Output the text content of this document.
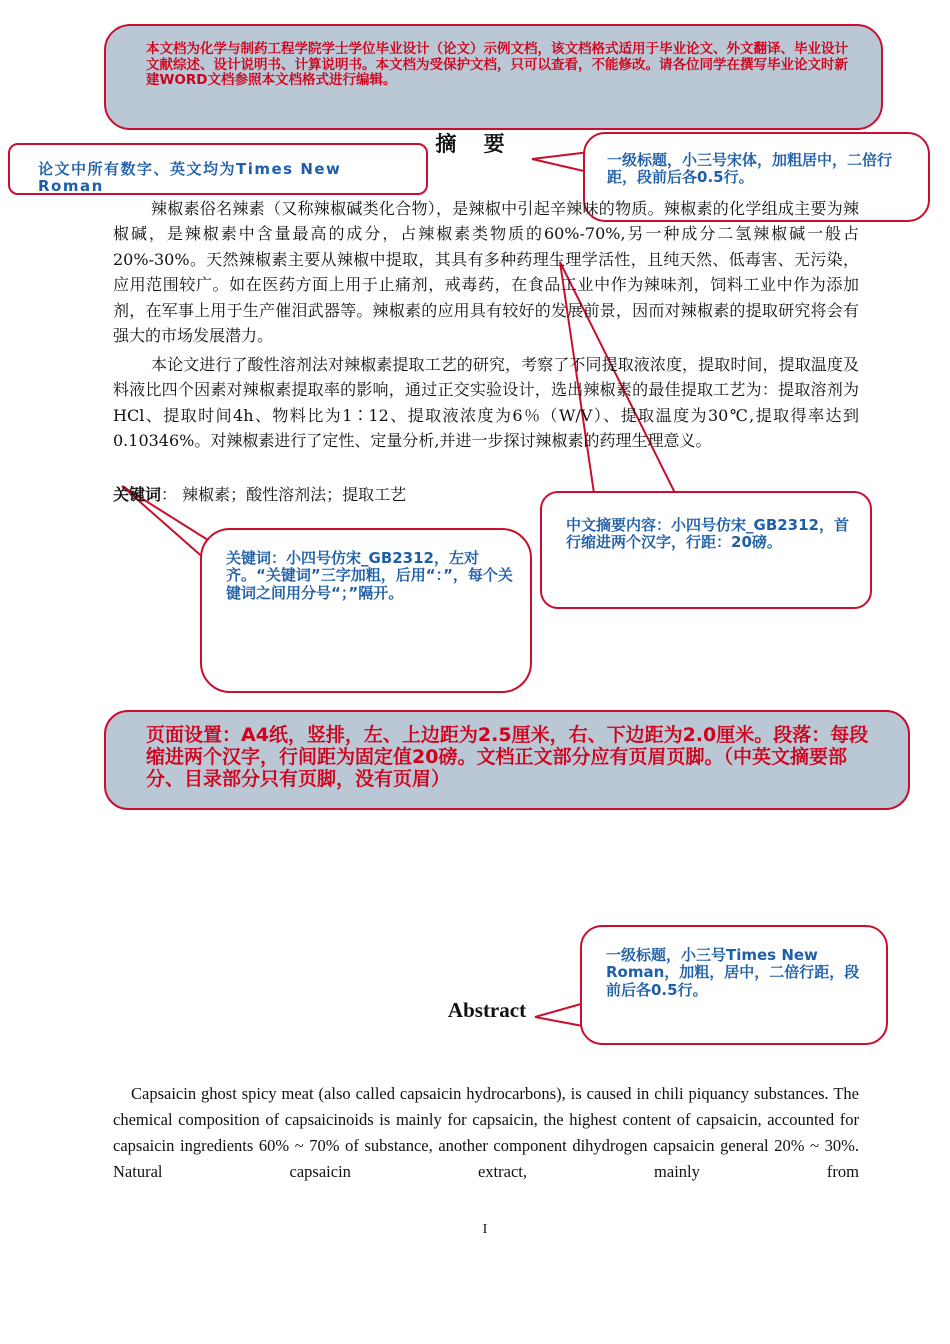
本文档为化学与制药工程学院学士学位毕业设计（论文）示例文档，该文档格式适用于毕业论文、外文翻译、毕业设计文献综述、设计说明书、计算说明书。本文档为受保护文档，只可以查看，不能修改。请各位同学在撰写毕业论文时新建WORD文档参照本文档格式进行编辑。
摘 要
论文中所有数字、英文均为Times New Roman
一级标题，小三号宋体，加粗居中，二倍行距，段前后各0.5行。
辣椒素俗名辣素（又称辣椒碱类化合物），是辣椒中引起辛辣味的物质。辣椒素的化学组成主要为辣椒碱，是辣椒素中含量最高的成分，占辣椒素类物质的60%-70%,另一种成分二氢辣椒碱一般占20%-30%。天然辣椒素主要从辣椒中提取，其具有多种药理生理学活性，且纯天然、低毒害、无污染，应用范围较广。如在医药方面上用于止痛剂，戒毒药，在食品工业中作为辣味剂，饲料工业中作为添加剂，在军事上用于生产催泪武器等。辣椒素的应用具有较好的发展前景，因而对辣椒素的提取研究将会有强大的市场发展潜力。
本论文进行了酸性溶剂法对辣椒素提取工艺的研究，考察了不同提取液浓度，提取时间，提取温度及料液比四个因素对辣椒素提取率的影响，通过正交实验设计，选出辣椒素的最佳提取工艺为：提取溶剂为HCl、提取时间4h、物料比为1∶12、提取液浓度为6％（W/V）、提取温度为30℃,提取得率达到0.10346%。对辣椒素进行了定性、定量分析,并进一步探讨辣椒素的药理生理意义。
关键词： 辣椒素；酸性溶剂法；提取工艺
中文摘要内容：小四号仿宋_GB2312，首行缩进两个汉字，行距：20磅。
关键词：小四号仿宋_GB2312，左对齐。“关键词”三字加粗，后用“：”，每个关键词之间用分号“；”隔开。
页面设置：A4纸，竖排，左、上边距为2.5厘米，右、下边距为2.0厘米。段落：每段缩进两个汉字，行间距为固定值20磅。文档正文部分应有页眉页脚。（中英文摘要部分、目录部分只有页脚，没有页眉）
一级标题，小三号Times New Roman，加粗，居中，二倍行距，段前后各0.5行。
Abstract
Capsaicin ghost spicy meat (also called capsaicin hydrocarbons), is caused in chili piquancy substances. The chemical composition of capsaicinoids is mainly for capsaicin, the highest content of capsaicin, accounted for capsaicin ingredients 60% ~ 70% of substance, another component dihydrogen capsaicin general 20% ~ 30%. Natural capsaicin extract, mainly from
I
